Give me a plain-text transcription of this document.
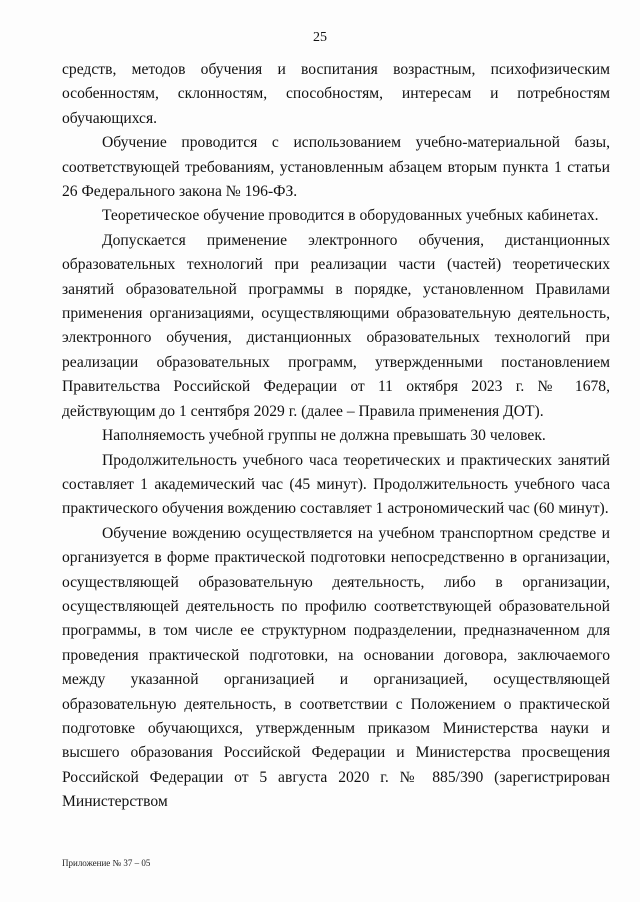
25

средств, методов обучения и воспитания возрастным, психофизическим особенностям, склонностям, способностям, интересам и потребностям обучающихся.

Обучение проводится с использованием учебно-материальной базы, соответствующей требованиям, установленным абзацем вторым пункта 1 статьи 26 Федерального закона № 196-ФЗ.

Теоретическое обучение проводится в оборудованных учебных кабинетах.

Допускается применение электронного обучения, дистанционных образовательных технологий при реализации части (частей) теоретических занятий образовательной программы в порядке, установленном Правилами применения организациями, осуществляющими образовательную деятельность, электронного обучения, дистанционных образовательных технологий при реализации образовательных программ, утвержденными постановлением Правительства Российской Федерации от 11 октября 2023 г. № 1678, действующим до 1 сентября 2029 г. (далее – Правила применения ДОТ).

Наполняемость учебной группы не должна превышать 30 человек.

Продолжительность учебного часа теоретических и практических занятий составляет 1 академический час (45 минут). Продолжительность учебного часа практического обучения вождению составляет 1 астрономический час (60 минут).

Обучение вождению осуществляется на учебном транспортном средстве и организуется в форме практической подготовки непосредственно в организации, осуществляющей образовательную деятельность, либо в организации, осуществляющей деятельность по профилю соответствующей образовательной программы, в том числе ее структурном подразделении, предназначенном для проведения практической подготовки, на основании договора, заключаемого между указанной организацией и организацией, осуществляющей образовательную деятельность, в соответствии с Положением о практической подготовке обучающихся, утвержденным приказом Министерства науки и высшего образования Российской Федерации и Министерства просвещения Российской Федерации от 5 августа 2020 г. № 885/390 (зарегистрирован Министерством

Приложение № 37 – 05
